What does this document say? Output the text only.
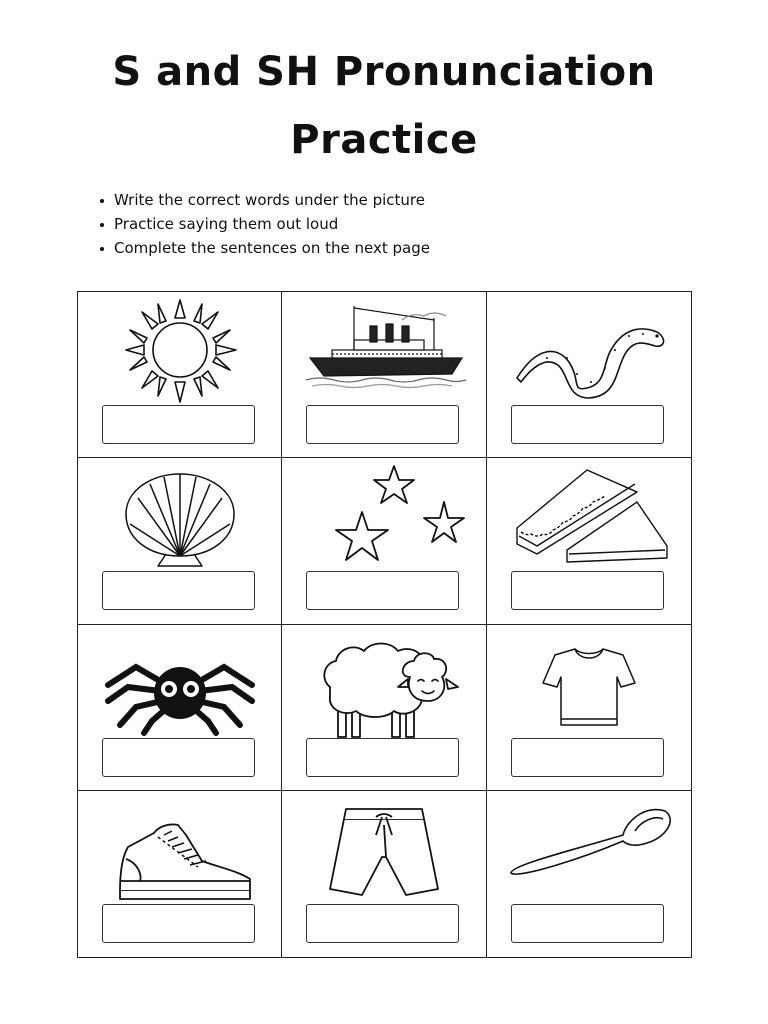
S and SH Pronunciation
Practice
Write the correct words under the picture
Practice saying them out loud
Complete the sentences on the next page
